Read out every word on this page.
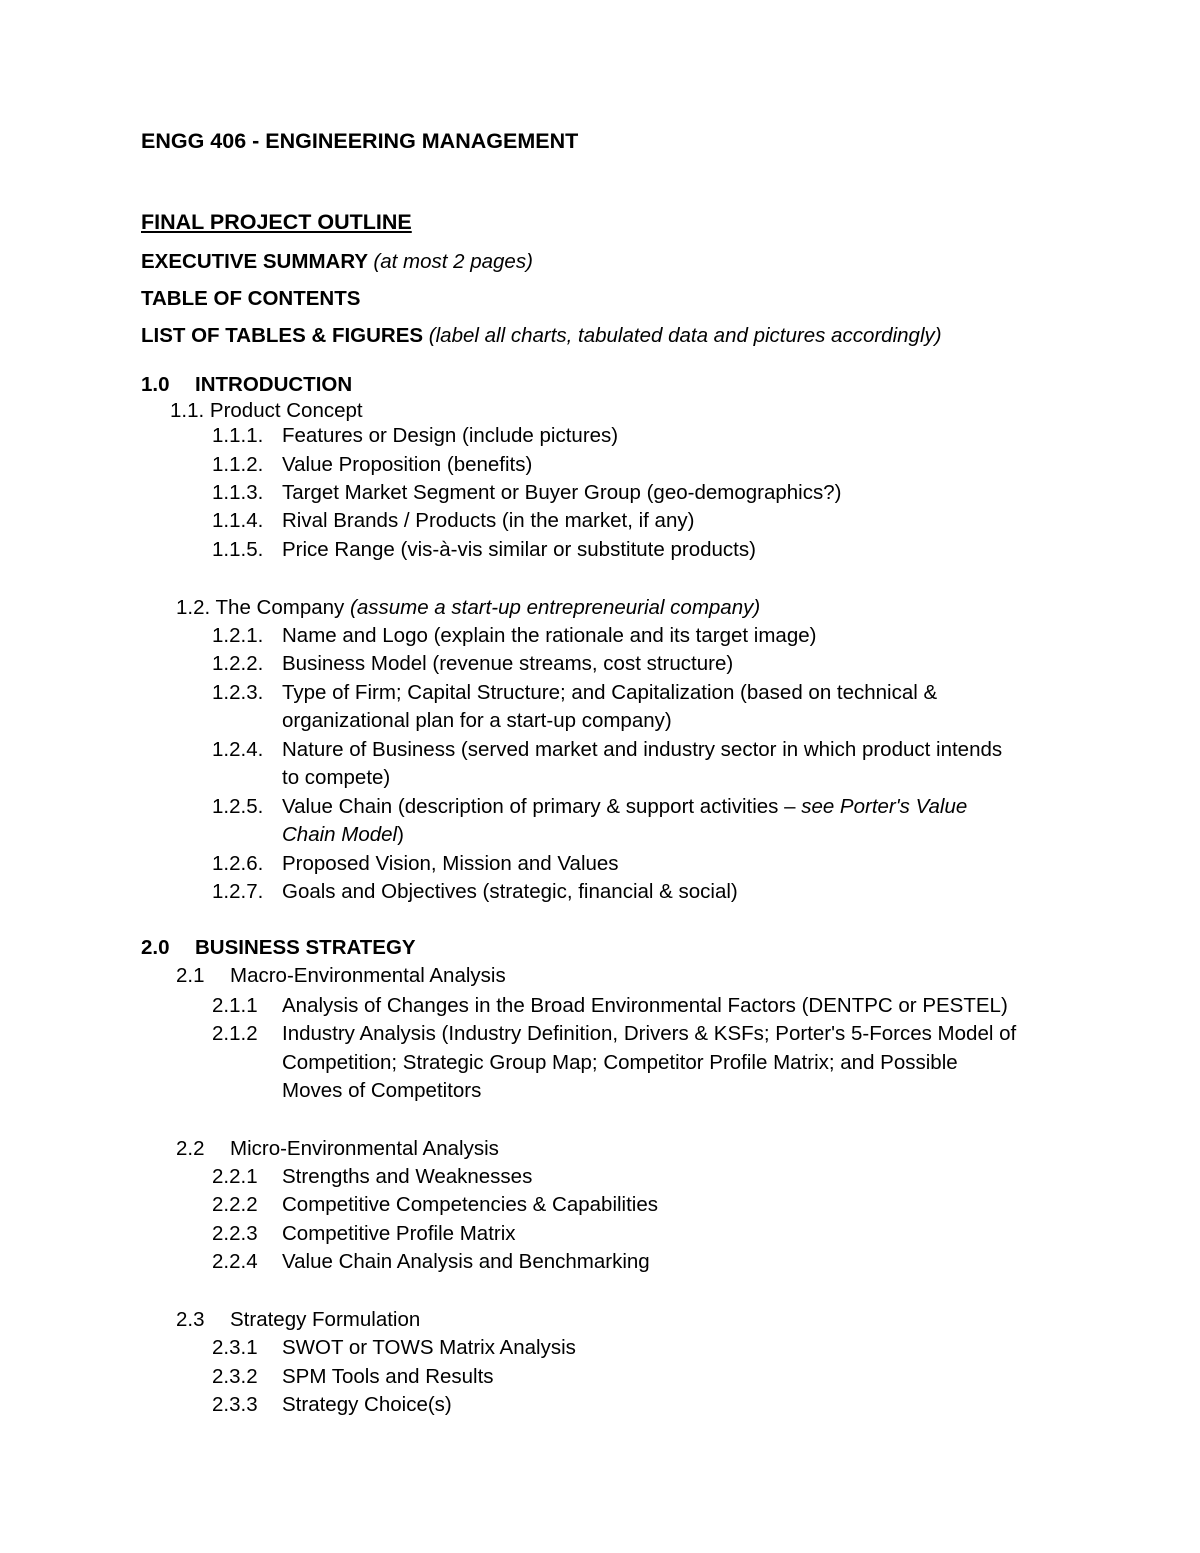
ENGG 406 - ENGINEERING MANAGEMENT
FINAL PROJECT OUTLINE
EXECUTIVE SUMMARY (at most 2 pages)
TABLE OF CONTENTS
LIST OF TABLES & FIGURES (label all charts, tabulated data and pictures accordingly)
1.0 INTRODUCTION
1.1. Product Concept
1.1.1. Features or Design (include pictures)
1.1.2. Value Proposition (benefits)
1.1.3. Target Market Segment or Buyer Group (geo-demographics?)
1.1.4. Rival Brands / Products (in the market, if any)
1.1.5. Price Range (vis-à-vis similar or substitute products)
1.2. The Company (assume a start-up entrepreneurial company)
1.2.1. Name and Logo (explain the rationale and its target image)
1.2.2. Business Model (revenue streams, cost structure)
1.2.3. Type of Firm; Capital Structure; and Capitalization (based on technical &
organizational plan for a start-up company)
1.2.4. Nature of Business (served market and industry sector in which product intends
to compete)
1.2.5. Value Chain (description of primary & support activities – see Porter's Value
Chain Model)
1.2.6. Proposed Vision, Mission and Values
1.2.7. Goals and Objectives (strategic, financial & social)
2.0 BUSINESS STRATEGY
2.1 Macro-Environmental Analysis
2.1.1 Analysis of Changes in the Broad Environmental Factors (DENTPC or PESTEL)
2.1.2 Industry Analysis (Industry Definition, Drivers & KSFs; Porter's 5-Forces Model of
Competition; Strategic Group Map; Competitor Profile Matrix; and Possible
Moves of Competitors
2.2 Micro-Environmental Analysis
2.2.1 Strengths and Weaknesses
2.2.2 Competitive Competencies & Capabilities
2.2.3 Competitive Profile Matrix
2.2.4 Value Chain Analysis and Benchmarking
2.3 Strategy Formulation
2.3.1 SWOT or TOWS Matrix Analysis
2.3.2 SPM Tools and Results
2.3.3 Strategy Choice(s)
